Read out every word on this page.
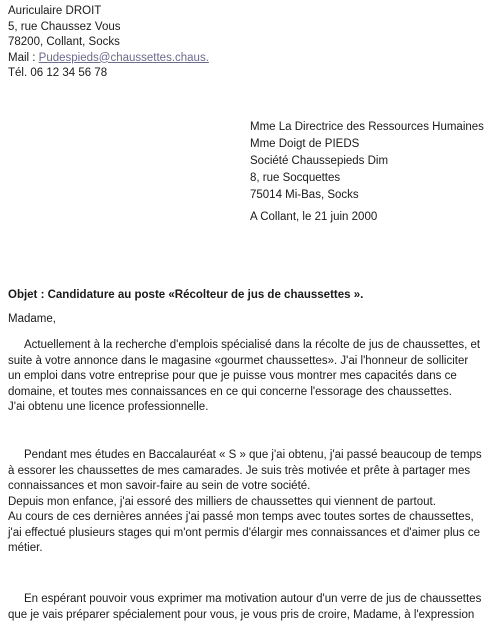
Auriculaire DROIT
5, rue Chaussez Vous
78200, Collant, Socks
Mail : Pudespieds@chaussettes.chaus.
Tél. 06 12 34 56 78
Mme La Directrice des Ressources Humaines
Mme Doigt de PIEDS
Société Chaussepieds Dim
8, rue Socquettes
75014 Mi-Bas, Socks
A Collant, le 21 juin 2000
Objet : Candidature au poste «Récolteur de jus de chaussettes ».
Madame,
Actuellement à la recherche d'emplois spécialisé dans la récolte de jus de chaussettes, et
suite à votre annonce dans le magasine «gourmet chaussettes». J'ai l'honneur de solliciter
un emploi dans votre entreprise pour que je puisse vous montrer mes capacités dans ce
domaine, et toutes mes connaissances en ce qui concerne l'essorage des chaussettes.
J'ai obtenu une licence professionnelle.
Pendant mes études en Baccalauréat « S » que j'ai obtenu, j'ai passé beaucoup de temps
à essorer les chaussettes de mes camarades. Je suis très motivée et prête à partager mes
connaissances et mon savoir-faire au sein de votre société.
Depuis mon enfance, j'ai essoré des milliers de chaussettes qui viennent de partout.
Au cours de ces dernières années j'ai passé mon temps avec toutes sortes de chaussettes,
j'ai effectué plusieurs stages qui m'ont permis d'élargir mes connaissances et d'aimer plus ce
métier.
En espérant pouvoir vous exprimer ma motivation autour d'un verre de jus de chaussettes
que je vais préparer spécialement pour vous, je vous pris de croire, Madame, à l'expression
